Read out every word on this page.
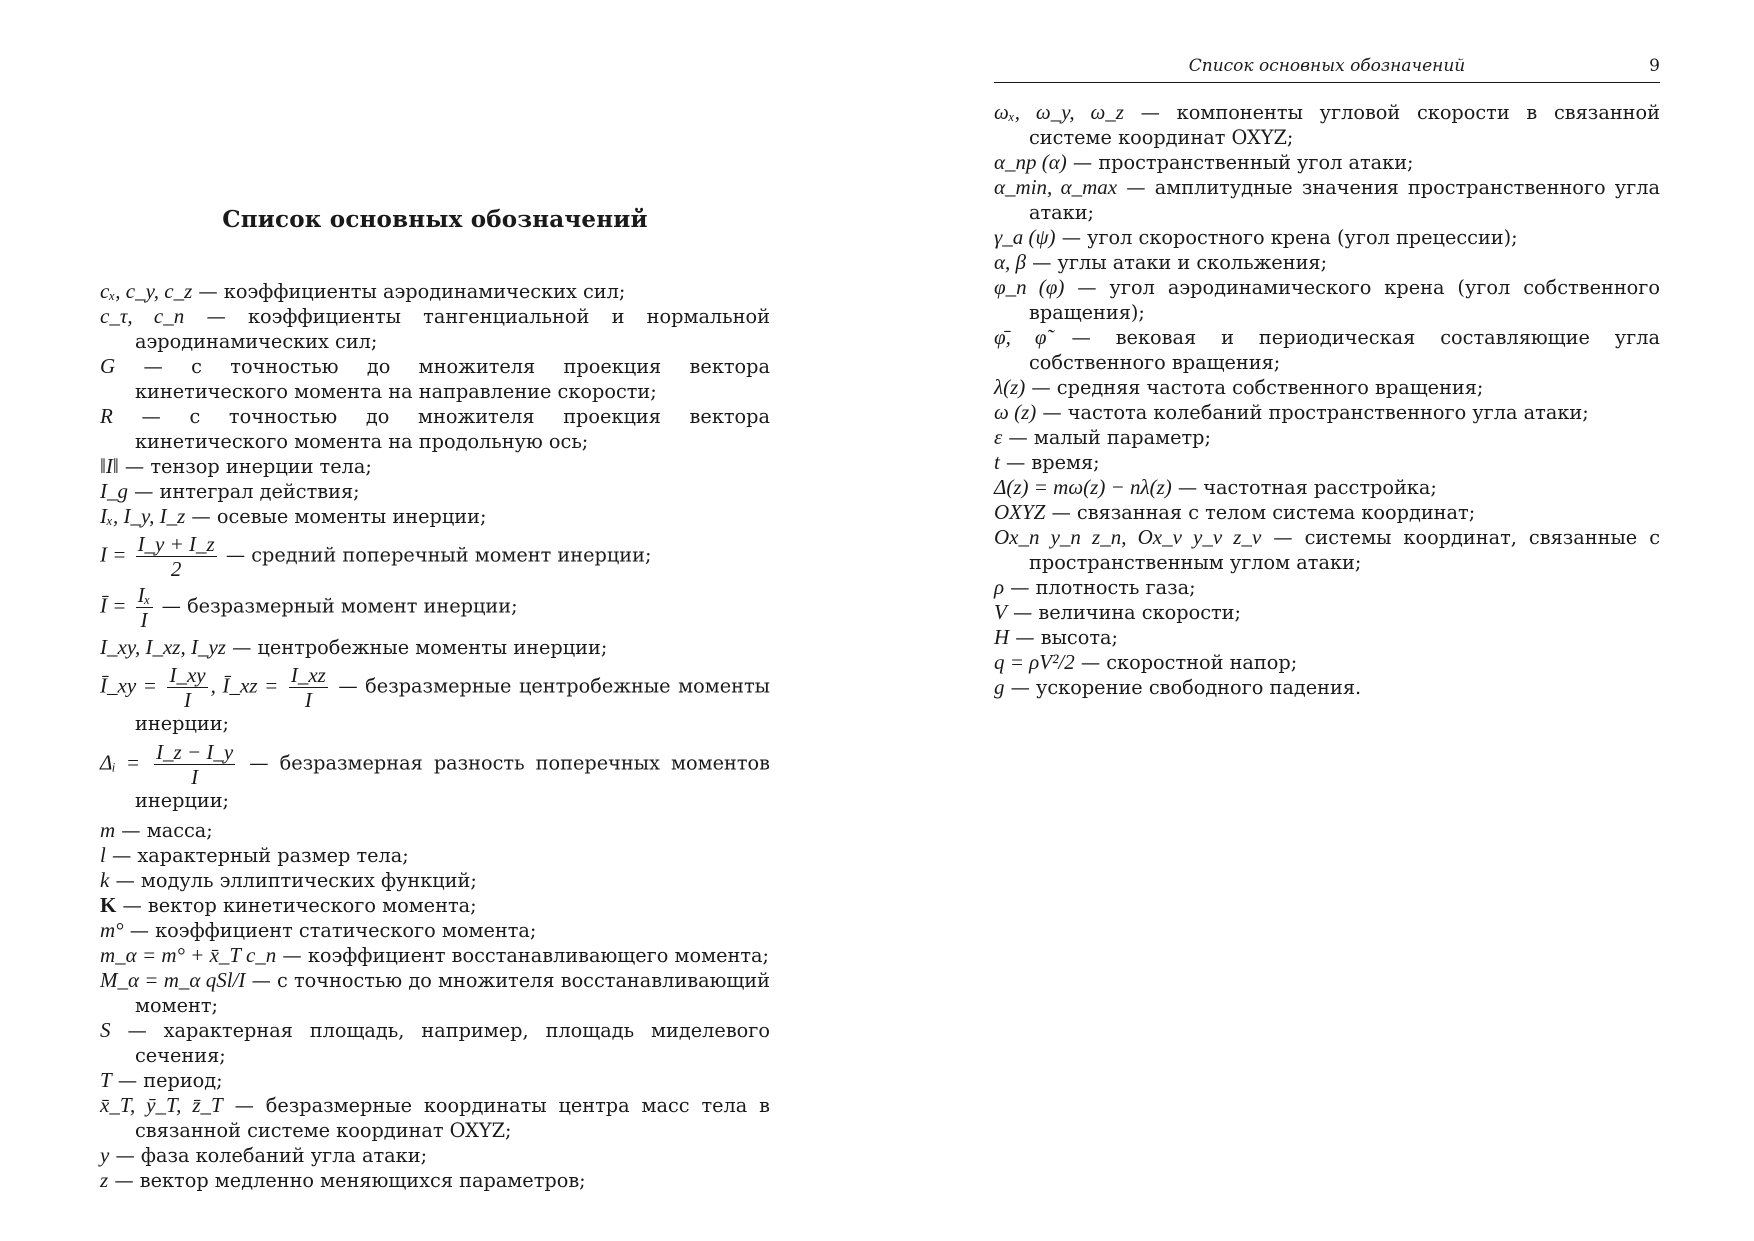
Список основных обозначений

cₓ, c_y, c_z — коэффициенты аэродинамических сил;

c_τ, c_n — коэффициенты тангенциальной и нормальной аэродинамических сил;

G — с точностью до множителя проекция вектора кинетического момента на направление скорости;

R — с точностью до множителя проекция вектора кинетического момента на продольную ось;

‖I‖ — тензор инерции тела;

I_g — интеграл действия;

Iₓ, I_y, I_z — осевые моменты инерции;

$I = \frac{I\_y + I\_z}{2}$ — средний поперечный момент инерции;

Ī = $\frac{\text{Iₓ}}{I}$ — безразмерный момент инерции;

I_xy, I_xz, I_yz — центробежные моменты инерции;

Ī_xy = $\frac{I\_xy}{I}$ , Ī_xz = $\frac{I\_xz}{I}$ — безразмерные центробежные моменты инерции;

Δᵢ = $\frac{I\_z - I\_y}{I}$ — безразмерная разность поперечных моментов инерции;

m — масса;

l — характерный размер тела;

k — модуль эллиптических функций;

K — вектор кинетического момента;

m° — коэффициент статического момента;

m_α = m° + x̄_T c_n — коэффициент восстанавливающего момента;

M_α = m_α qSl/I — с точностью до множителя восстанавливающий момент;

S — характерная площадь, например, площадь миделевого сечения;

T — период;

x̄_T, ȳ_T, z̄_T — безразмерные координаты центра масс тела в связанной системе координат OXYZ;

y — фаза колебаний угла атаки;

z — вектор медленно меняющихся параметров;

Список основных обозначений	9

ωₓ, ω_y, ω_z — компоненты угловой скорости в связанной системе координат OXYZ;

α_пр (α) — пространственный угол атаки;

α_min, α_max — амплитудные значения пространственного угла атаки;

γ_a (ψ) — угол скоростного крена (угол прецессии);

α, β — углы атаки и скольжения;

φ_n (φ) — угол аэродинамического крена (угол собственного вращения);

φ̄, φ̃ — вековая и периодическая составляющие угла собственного вращения;

λ(z) — средняя частота собственного вращения;

ω (z) — частота колебаний пространственного угла атаки;

ε — малый параметр;

t — время;

Δ(z) = mω(z) − nλ(z) — частотная расстройка;

OXYZ — связанная с телом система координат;

Ox_n y_n z_n, Ox_v y_v z_v — системы координат, связанные с пространственным углом атаки;

ρ — плотность газа;

V — величина скорости;

H — высота;

q = ρV²/2 — скоростной напор;

g — ускорение свободного падения.
